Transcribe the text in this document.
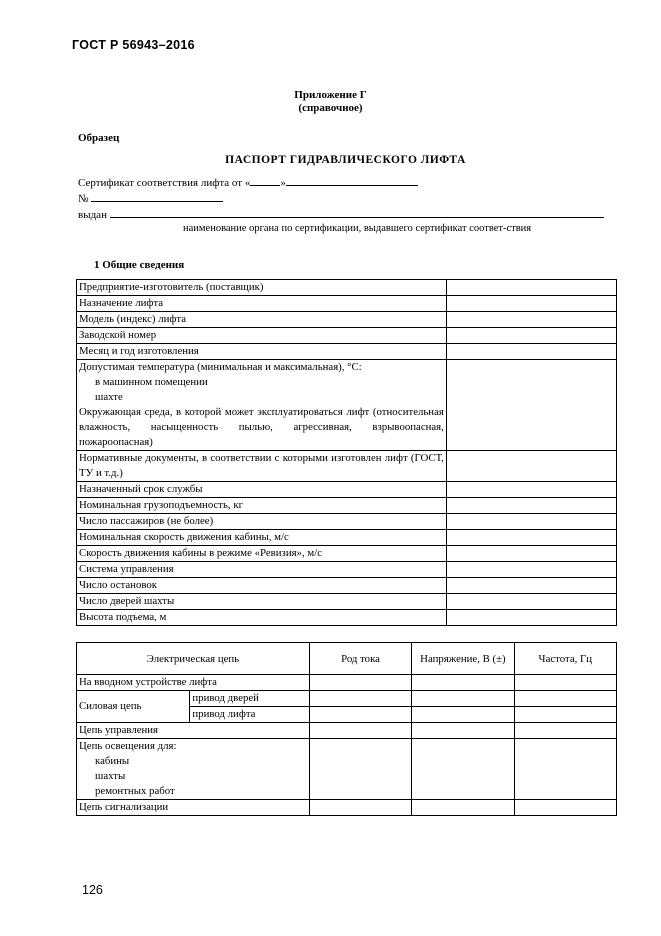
ГОСТ Р 56943–2016
Приложение Г
(справочное)
Образец
ПАСПОРТ ГИДРАВЛИЧЕСКОГО ЛИФТА
Сертификат соответствия лифта от «	»
№
выдан
наименование органа по сертификации, выдавшего сертификат соответ-ствия
1 Общие сведения
Предприятие-изготовитель (поставщик)	
Назначение лифта	
Модель (индекс) лифта	
Заводской номер	
Месяц и год изготовления	
Допустимая температура (минимальная и максимальная), °С:
в машинном помещении
шахте
Окружающая среда, в которой может эксплуатироваться лифт (относительная влажность, насыщенность пылью, агрессивная, взрывоопасная, пожароопасная)	

Нормативные документы, в соответствии с которыми изготовлен лифт (ГОСТ, ТУ и т.д.)	
Назначенный срок службы	
Номинальная грузоподъемность, кг	
Число пассажиров (не более)	
Номинальная скорость движения кабины, м/с	
Скорость движения кабины в режиме «Ревизия», м/с	
Система управления	
Число остановок	
Число дверей шахты	
Высота подъема, м	
Электрическая цепь		Род тока	Напряжение, В (±)	Частота, Гц
На вводном устройстве лифта				
Силовая цепь	привод дверей			
	привод лифта			
Цепь управления				
Цепь освещения для:
кабины
шахты
ремонтных работ				

Цепь сигнализации				
126
